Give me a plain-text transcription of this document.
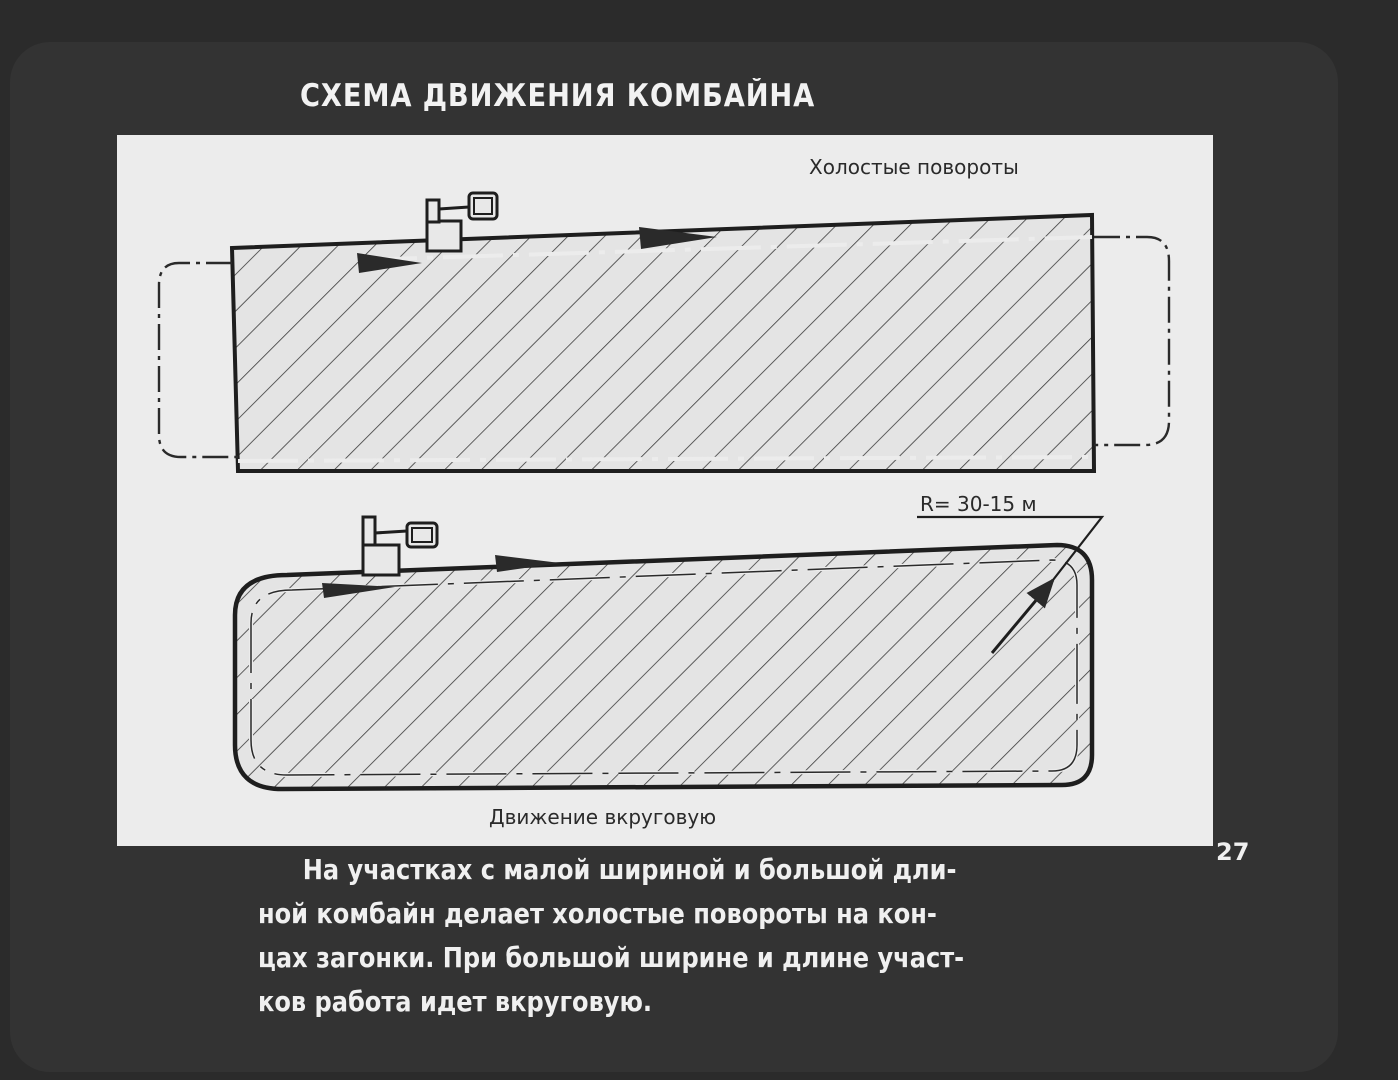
СХЕМА ДВИЖЕНИЯ КОМБАЙНА
Холостые повороты
R= 30-15 м
Движение вкруговую
27
На участках с малой шириной и большой дли-
ной комбайн делает холостые повороты на кон-
цах загонки. При большой ширине и длине участ-
ков работа идет вкруговую.
